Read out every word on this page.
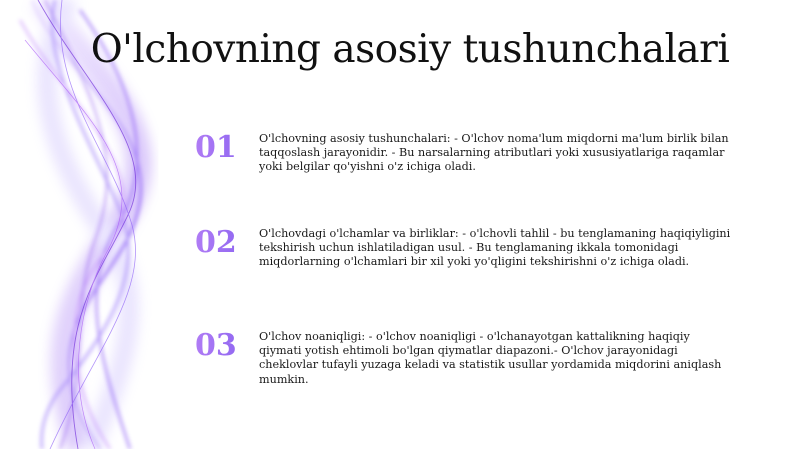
O'lchovning asosiy tushunchalari
01	O'lchovning asosiy tushunchalari: - O'lchov noma'lum miqdorni ma'lum birlik bilan taqqoslash jarayonidir. - Bu narsalarning atributlari yoki xususiyatlariga raqamlar yoki belgilar qo'yishni o'z ichiga oladi.
02	O'lchovdagi o'lchamlar va birliklar: - o'lchovli tahlil - bu tenglamaning haqiqiyligini tekshirish uchun ishlatiladigan usul. - Bu tenglamaning ikkala tomonidagi miqdorlarning o'lchamlari bir xil yoki yo'qligini tekshirishni o'z ichiga oladi.
03	O'lchov noaniqligi: - o'lchov noaniqligi - o'lchanayotgan kattalikning haqiqiy qiymati yotish ehtimoli bo'lgan qiymatlar diapazoni.- O'lchov jarayonidagi cheklovlar tufayli yuzaga keladi va statistik usullar yordamida miqdorini aniqlash mumkin.
